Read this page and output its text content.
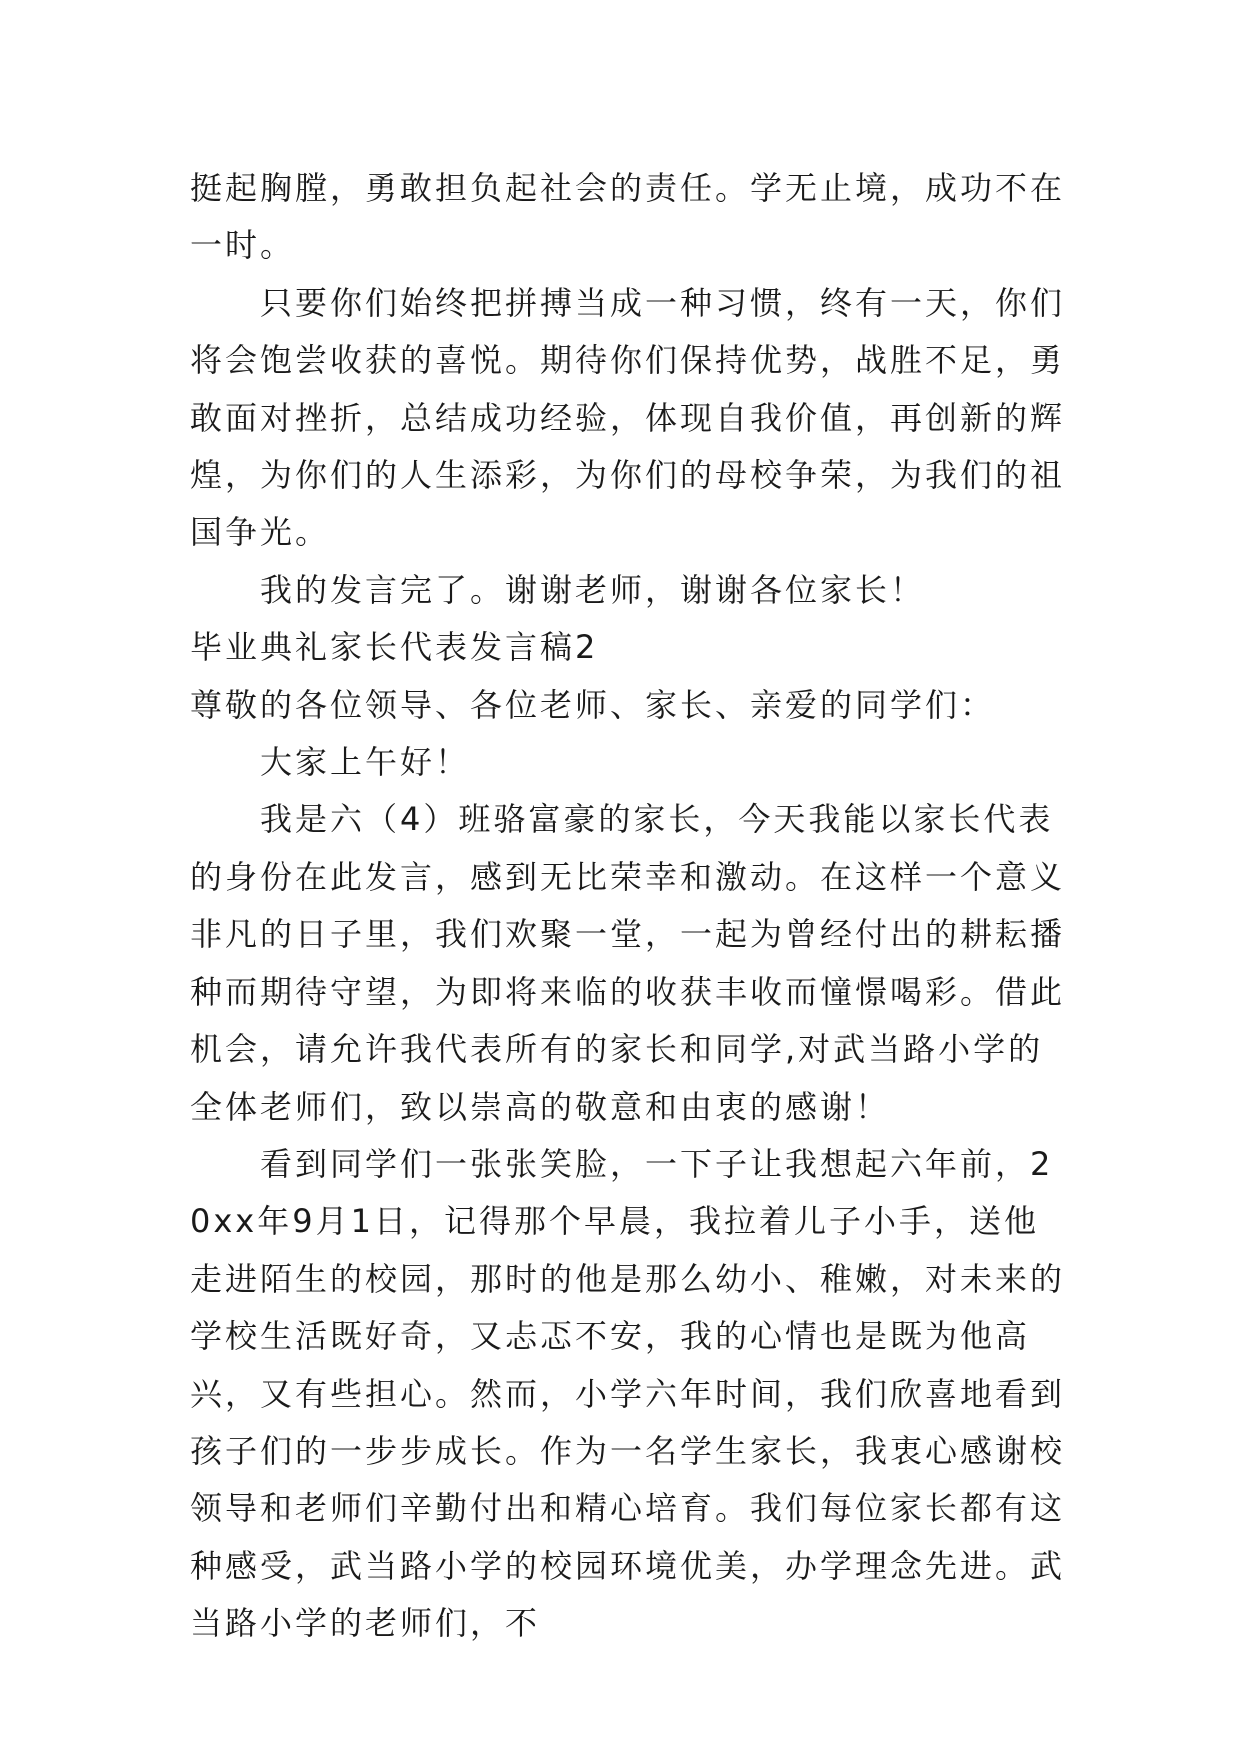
挺起胸膛，勇敢担负起社会的责任。学无止境，成功不在一时。

只要你们始终把拼搏当成一种习惯，终有一天，你们将会饱尝收获的喜悦。期待你们保持优势，战胜不足，勇敢面对挫折，总结成功经验，体现自我价值，再创新的辉煌，为你们的人生添彩，为你们的母校争荣，为我们的祖国争光。

我的发言完了。谢谢老师，谢谢各位家长！

毕业典礼家长代表发言稿2

尊敬的各位领导、各位老师、家长、亲爱的同学们：

大家上午好！

我是六（4）班骆富豪的家长，今天我能以家长代表的身份在此发言，感到无比荣幸和激动。在这样一个意义非凡的日子里，我们欢聚一堂，一起为曾经付出的耕耘播种而期待守望，为即将来临的收获丰收而憧憬喝彩。借此机会，请允许我代表所有的家长和同学,对武当路小学的全体老师们，致以崇高的敬意和由衷的感谢！

看到同学们一张张笑脸，一下子让我想起六年前，20xx年9月1日，记得那个早晨，我拉着儿子小手，送他走进陌生的校园，那时的他是那么幼小、稚嫩，对未来的学校生活既好奇，又忐忑不安，我的心情也是既为他高兴，又有些担心。然而，小学六年时间，我们欣喜地看到孩子们的一步步成长。作为一名学生家长，我衷心感谢校领导和老师们辛勤付出和精心培育。我们每位家长都有这种感受，武当路小学的校园环境优美，办学理念先进。武当路小学的老师们，不
